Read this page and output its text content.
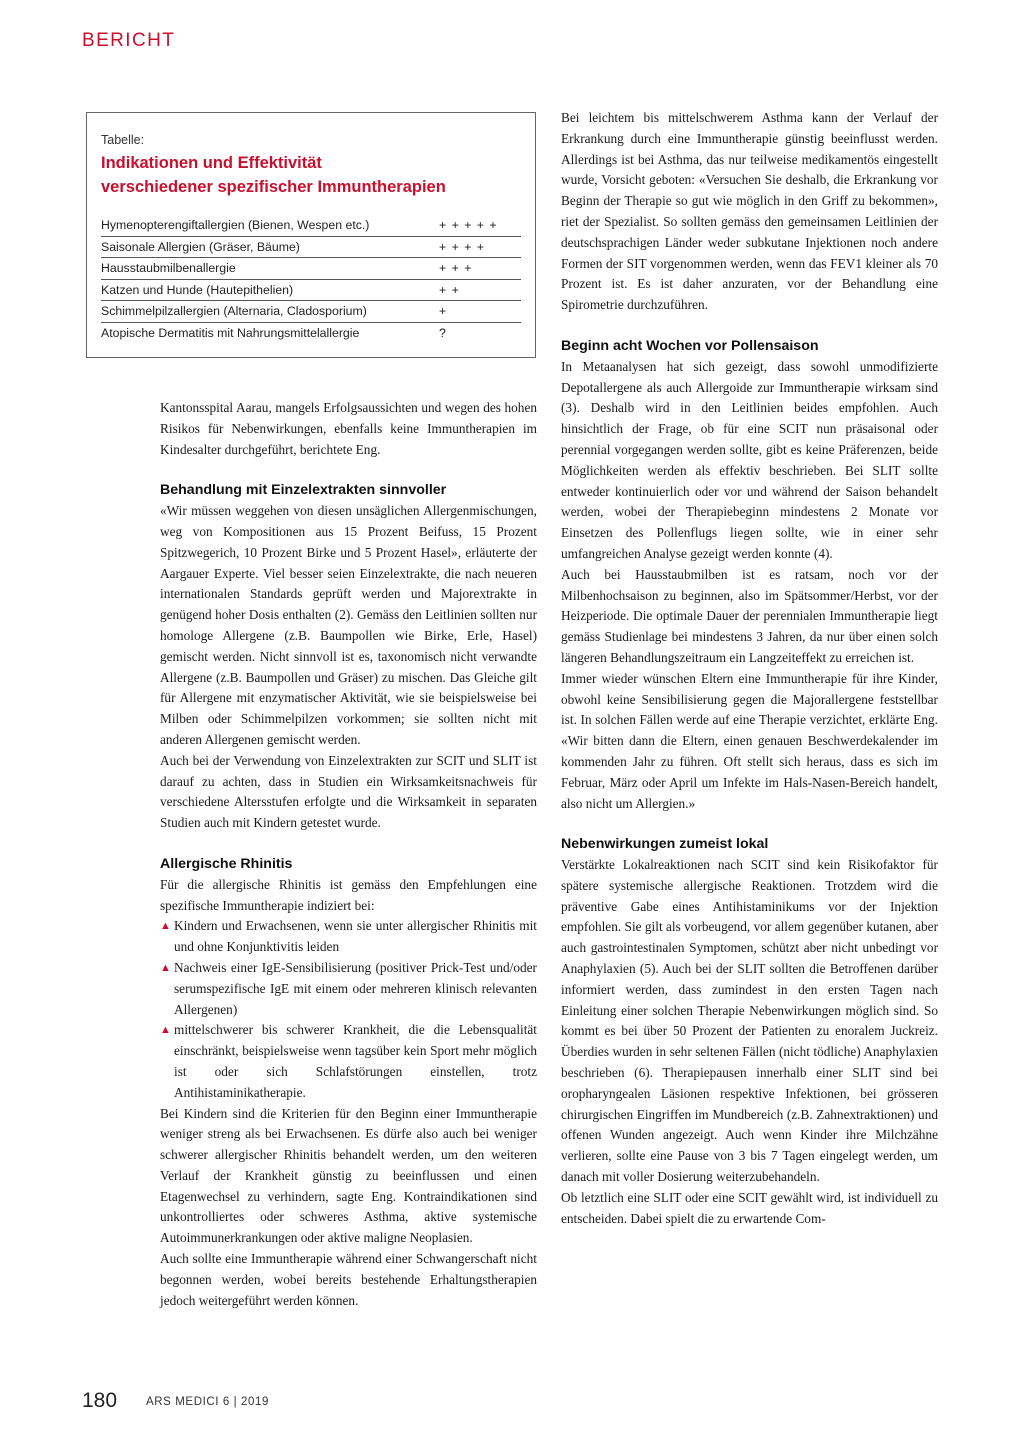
BERICHT
Tabelle:
Indikationen und Effektivität
verschiedener spezifischer Immuntherapien
Hymenopterengiftallergien (Bienen, Wespen etc.)	+ + + + +
Saisonale Allergien (Gräser, Bäume)	+ + + +
Hausstaubmilbenallergie	+ + +
Katzen und Hunde (Hautepithelien)	+ +
Schimmelpilzallergien (Alternaria, Cladosporium)	+
Atopische Dermatitis mit Nahrungsmittelallergie	?

Kantonsspital Aarau, mangels Erfolgsaussichten und wegen des hohen Risikos für Nebenwirkungen, ebenfalls keine Immuntherapien im Kindesalter durchgeführt, berichtete Eng.

Behandlung mit Einzelextrakten sinnvoller

«Wir müssen weggehen von diesen unsäglichen Allergenmischungen, weg von Kompositionen aus 15 Prozent Beifuss, 15 Prozent Spitzwegerich, 10 Prozent Birke und 5 Prozent Hasel», erläuterte der Aargauer Experte. Viel besser seien Einzelextrakte, die nach neueren internationalen Standards geprüft werden und Majorextrakte in genügend hoher Dosis enthalten (2). Gemäss den Leitlinien sollten nur homologe Allergene (z.B. Baumpollen wie Birke, Erle, Hasel) gemischt werden. Nicht sinnvoll ist es, taxonomisch nicht verwandte Allergene (z.B. Baumpollen und Gräser) zu mischen. Das Gleiche gilt für Allergene mit enzymatischer Aktivität, wie sie beispielsweise bei Milben oder Schimmelpilzen vorkommen; sie sollten nicht mit anderen Allergenen gemischt werden.

Auch bei der Verwendung von Einzelextrakten zur SCIT und SLIT ist darauf zu achten, dass in Studien ein Wirksamkeitsnachweis für verschiedene Altersstufen erfolgte und die Wirksamkeit in separaten Studien auch mit Kindern getestet wurde.

Allergische Rhinitis

Für die allergische Rhinitis ist gemäss den Empfehlungen eine spezifische Immuntherapie indiziert bei:

▲ Kindern und Erwachsenen, wenn sie unter allergischer Rhinitis mit und ohne Konjunktivitis leiden
▲ Nachweis einer IgE-Sensibilisierung (positiver Prick-Test und/oder serumspezifische IgE mit einem oder mehreren klinisch relevanten Allergenen)
▲ mittelschwerer bis schwerer Krankheit, die die Lebensqualität einschränkt, beispielsweise wenn tagsüber kein Sport mehr möglich ist oder sich Schlafstörungen einstellen, trotz Antihistaminikatherapie.

Bei Kindern sind die Kriterien für den Beginn einer Immuntherapie weniger streng als bei Erwachsenen. Es dürfe also auch bei weniger schwerer allergischer Rhinitis behandelt werden, um den weiteren Verlauf der Krankheit günstig zu beeinflussen und einen Etagenwechsel zu verhindern, sagte Eng. Kontraindikationen sind unkontrolliertes oder schweres Asthma, aktive systemische Autoimmunerkrankungen oder aktive maligne Neoplasien.

Auch sollte eine Immuntherapie während einer Schwangerschaft nicht begonnen werden, wobei bereits bestehende Erhaltungstherapien jedoch weitergeführt werden können.

Bei leichtem bis mittelschwerem Asthma kann der Verlauf der Erkrankung durch eine Immuntherapie günstig beeinflusst werden. Allerdings ist bei Asthma, das nur teilweise medikamentös eingestellt wurde, Vorsicht geboten: «Versuchen Sie deshalb, die Erkrankung vor Beginn der Therapie so gut wie möglich in den Griff zu bekommen», riet der Spezialist. So sollten gemäss den gemeinsamen Leitlinien der deutschsprachigen Länder weder subkutane Injektionen noch andere Formen der SIT vorgenommen werden, wenn das FEV1 kleiner als 70 Prozent ist. Es ist daher anzuraten, vor der Behandlung eine Spirometrie durchzuführen.

Beginn acht Wochen vor Pollensaison

In Metaanalysen hat sich gezeigt, dass sowohl unmodifizierte Depotallergene als auch Allergoide zur Immuntherapie wirksam sind (3). Deshalb wird in den Leitlinien beides empfohlen. Auch hinsichtlich der Frage, ob für eine SCIT nun präsaisonal oder perennial vorgegangen werden sollte, gibt es keine Präferenzen, beide Möglichkeiten werden als effektiv beschrieben. Bei SLIT sollte entweder kontinuierlich oder vor und während der Saison behandelt werden, wobei der Therapiebeginn mindestens 2 Monate vor Einsetzen des Pollenflugs liegen sollte, wie in einer sehr umfangreichen Analyse gezeigt werden konnte (4).

Auch bei Hausstaubmilben ist es ratsam, noch vor der Milbenhochsaison zu beginnen, also im Spätsommer/Herbst, vor der Heizperiode. Die optimale Dauer der perennialen Immuntherapie liegt gemäss Studienlage bei mindestens 3 Jahren, da nur über einen solch längeren Behandlungszeitraum ein Langzeiteffekt zu erreichen ist.

Immer wieder wünschen Eltern eine Immuntherapie für ihre Kinder, obwohl keine Sensibilisierung gegen die Majorallergene feststellbar ist. In solchen Fällen werde auf eine Therapie verzichtet, erklärte Eng. «Wir bitten dann die Eltern, einen genauen Beschwerdekalender im kommenden Jahr zu führen. Oft stellt sich heraus, dass es sich im Februar, März oder April um Infekte im Hals-Nasen-Bereich handelt, also nicht um Allergien.»

Nebenwirkungen zumeist lokal

Verstärkte Lokalreaktionen nach SCIT sind kein Risikofaktor für spätere systemische allergische Reaktionen. Trotzdem wird die präventive Gabe eines Antihistaminikums vor der Injektion empfohlen. Sie gilt als vorbeugend, vor allem gegenüber kutanen, aber auch gastrointestinalen Symptomen, schützt aber nicht unbedingt vor Anaphylaxien (5). Auch bei der SLIT sollten die Betroffenen darüber informiert werden, dass zumindest in den ersten Tagen nach Einleitung einer solchen Therapie Nebenwirkungen möglich sind. So kommt es bei über 50 Prozent der Patienten zu enoralem Juckreiz. Überdies wurden in sehr seltenen Fällen (nicht tödliche) Anaphylaxien beschrieben (6). Therapiepausen innerhalb einer SLIT sind bei oropharyngealen Läsionen respektive Infektionen, bei grösseren chirurgischen Eingriffen im Mundbereich (z.B. Zahnextraktionen) und offenen Wunden angezeigt. Auch wenn Kinder ihre Milchzähne verlieren, sollte eine Pause von 3 bis 7 Tagen eingelegt werden, um danach mit voller Dosierung weiterzubehandeln.

Ob letztlich eine SLIT oder eine SCIT gewählt wird, ist individuell zu entscheiden. Dabei spielt die zu erwartende Com-

180	ARS MEDICI 6 | 2019
